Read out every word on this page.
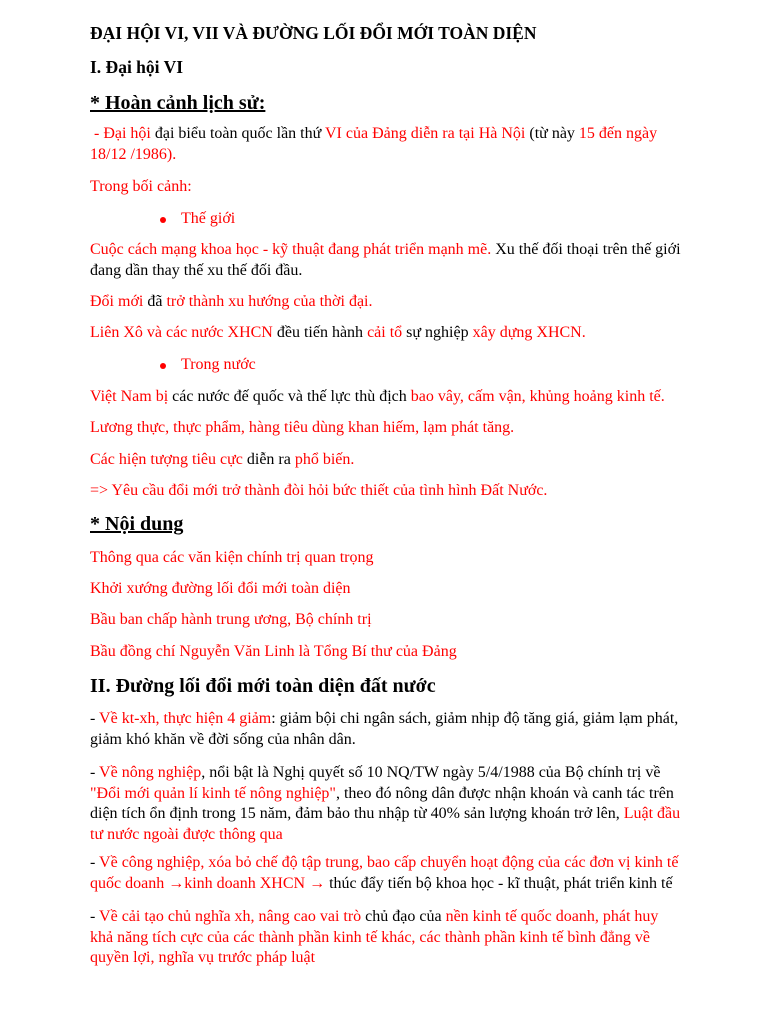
ĐẠI HỘI VI, VII VÀ ĐƯỜNG LỐI ĐỔI MỚI TOÀN DIỆN
I. Đại hội VI
* Hoàn cảnh lịch sử:
- Đại hội đại biểu toàn quốc lần thứ VI của Đảng diễn ra tại Hà Nội (từ này 15 đến ngày
18/12 /1986).
Trong bối cảnh:
Thế giới
Cuộc cách mạng khoa học - kỹ thuật đang phát triển mạnh mẽ. Xu thế đối thoại trên thế giới
đang dần thay thế xu thế đối đầu.
Đổi mới đã trở thành xu hướng của thời đại.
Liên Xô và các nước XHCN đều tiến hành cải tổ sự nghiệp xây dựng XHCN.
Trong nước
Việt Nam bị các nước đế quốc và thế lực thù địch bao vây, cấm vận, khủng hoảng kinh tế.
Lương thực, thực phẩm, hàng tiêu dùng khan hiếm, lạm phát tăng.
Các hiện tượng tiêu cực diễn ra phổ biến.
=> Yêu cầu đổi mới trở thành đòi hỏi bức thiết của tình hình Đất Nước.
* Nội dung
Thông qua các văn kiện chính trị quan trọng
Khởi xướng đường lối đổi mới toàn diện
Bầu ban chấp hành trung ương, Bộ chính trị
Bầu đồng chí Nguyễn Văn Linh là Tổng Bí thư của Đảng
II. Đường lối đổi mới toàn diện đất nước
- Về kt-xh, thực hiện 4 giảm: giảm bội chi ngân sách, giảm nhịp độ tăng giá, giảm lạm phát,
giảm khó khăn về đời sống của nhân dân.
- Về nông nghiệp, nổi bật là Nghị quyết số 10 NQ/TW ngày 5/4/1988 của Bộ chính trị về
"Đổi mới quản lí kinh tế nông nghiệp", theo đó nông dân được nhận khoán và canh tác trên
diện tích ổn định trong 15 năm, đảm bảo thu nhập từ 40% sản lượng khoán trở lên, Luật đầu
tư nước ngoài được thông qua
- Về công nghiệp, xóa bỏ chế độ tập trung, bao cấp chuyển hoạt động của các đơn vị kinh tế
quốc doanh →kinh doanh XHCN → thúc đẩy tiến bộ khoa học - kĩ thuật, phát triển kinh tế
- Về cải tạo chủ nghĩa xh, nâng cao vai trò chủ đạo của nền kinh tế quốc doanh, phát huy
khả năng tích cực của các thành phần kinh tế khác, các thành phần kinh tế bình đẳng về
quyền lợi, nghĩa vụ trước pháp luật
